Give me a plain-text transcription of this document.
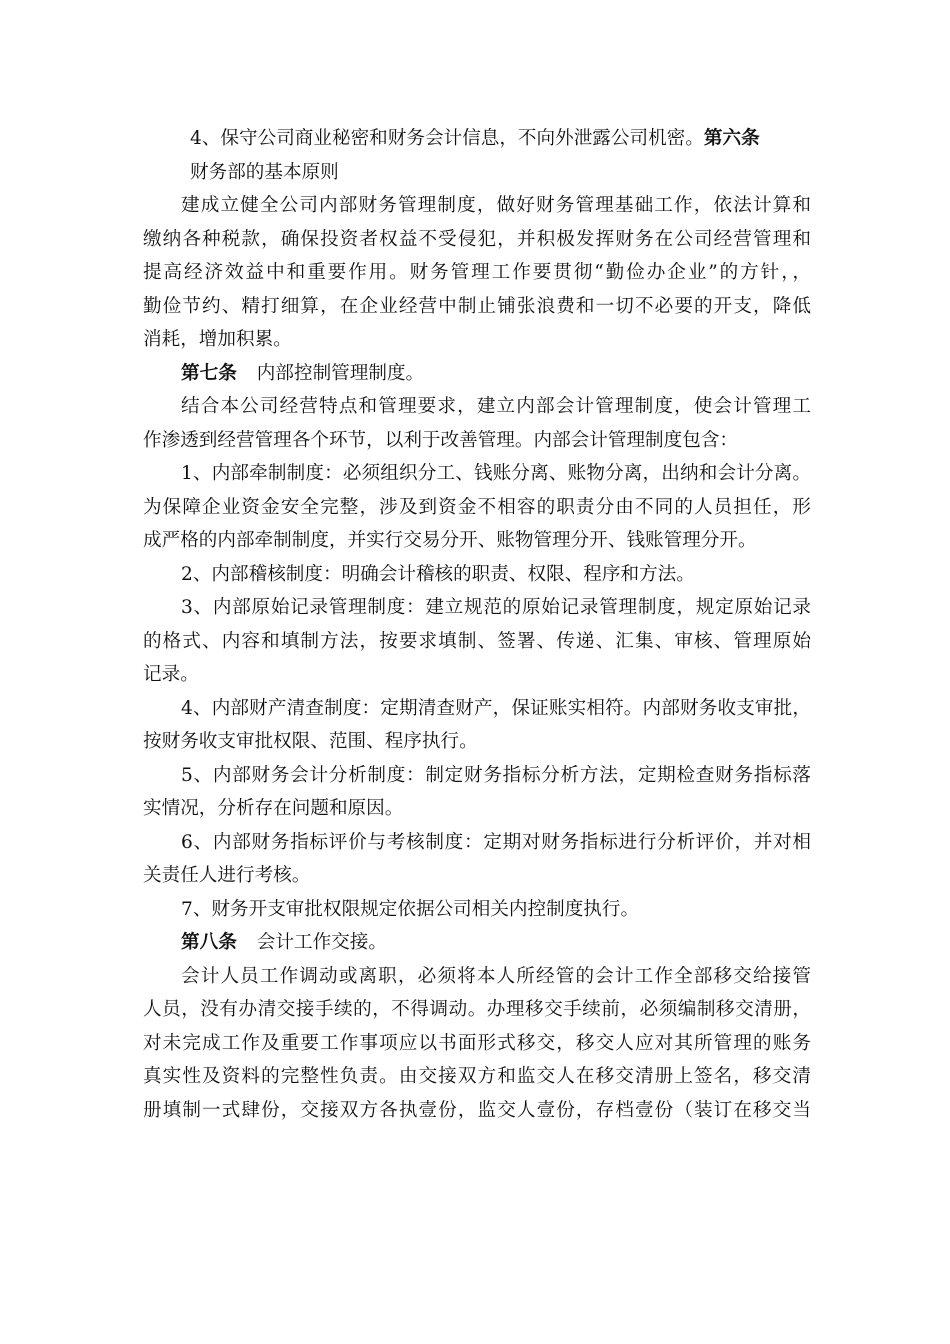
4、保守公司商业秘密和财务会计信息，不向外泄露公司机密。第六条
财务部的基本原则
建成立健全公司内部财务管理制度，做好财务管理基础工作，依法计算和
缴纳各种税款，确保投资者权益不受侵犯，并积极发挥财务在公司经营管理和
提高经济效益中和重要作用。财务管理工作要贯彻“勤俭办企业”的方针，，
勤俭节约、精打细算，在企业经营中制止铺张浪费和一切不必要的开支，降低
消耗，增加积累。
第七条 内部控制管理制度。
结合本公司经营特点和管理要求，建立内部会计管理制度，使会计管理工
作渗透到经营管理各个环节，以利于改善管理。内部会计管理制度包含：
1、内部牵制制度：必须组织分工、钱账分离、账物分离，出纳和会计分离。
为保障企业资金安全完整，涉及到资金不相容的职责分由不同的人员担任，形
成严格的内部牵制制度，并实行交易分开、账物管理分开、钱账管理分开。
2、内部稽核制度：明确会计稽核的职责、权限、程序和方法。
3、内部原始记录管理制度：建立规范的原始记录管理制度，规定原始记录
的格式、内容和填制方法，按要求填制、签署、传递、汇集、审核、管理原始
记录。
4、内部财产清查制度：定期清查财产，保证账实相符。内部财务收支审批，
按财务收支审批权限、范围、程序执行。
5、内部财务会计分析制度：制定财务指标分析方法，定期检查财务指标落
实情况，分析存在问题和原因。
6、内部财务指标评价与考核制度：定期对财务指标进行分析评价，并对相
关责任人进行考核。
7、财务开支审批权限规定依据公司相关内控制度执行。
第八条 会计工作交接。
会计人员工作调动或离职，必须将本人所经管的会计工作全部移交给接管
人员，没有办清交接手续的，不得调动。办理移交手续前，必须编制移交清册，
对未完成工作及重要工作事项应以书面形式移交，移交人应对其所管理的账务
真实性及资料的完整性负责。由交接双方和监交人在移交清册上签名，移交清
册填制一式肆份，交接双方各执壹份，监交人壹份，存档壹份（装订在移交当
